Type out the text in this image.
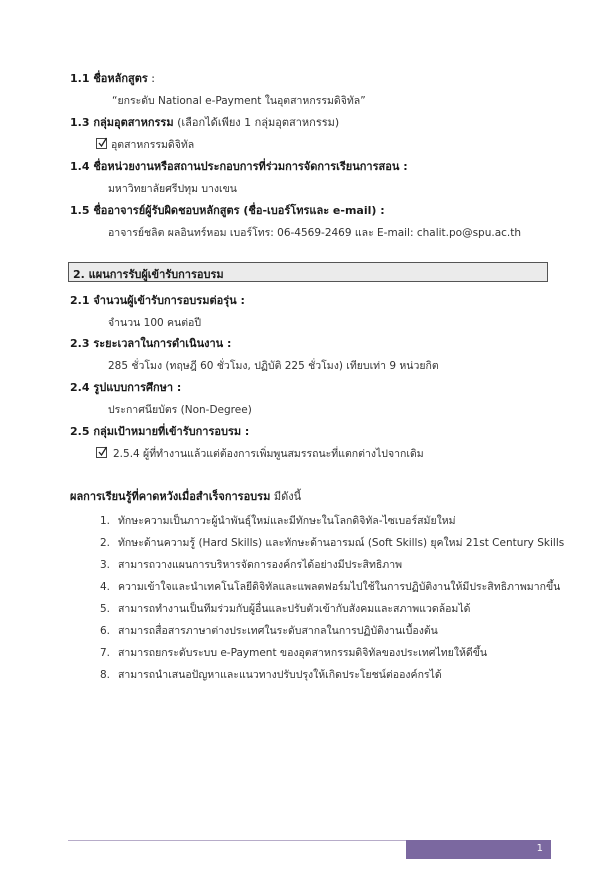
1.1 ชื่อหลักสูตร :
“ยกระดับ National e-Payment ในอุตสาหกรรมดิจิทัล”
1.3 กลุ่มอุตสาหกรรม (เลือกได้เพียง 1 กลุ่มอุตสาหกรรม)
อุตสาหกรรมดิจิทัล
1.4 ชื่อหน่วยงานหรือสถานประกอบการที่ร่วมการจัดการเรียนการสอน :
มหาวิทยาลัยศรีปทุม บางเขน
1.5 ชื่ออาจารย์ผู้รับผิดชอบหลักสูตร (ชื่อ-เบอร์โทรและ e-mail) :
อาจารย์ชลิต ผลอินทร์หอม เบอร์โทร: 06-4569-2469 และ E-mail: chalit.po@spu.ac.th
2. แผนการรับผู้เข้ารับการอบรม
2.1 จำนวนผู้เข้ารับการอบรมต่อรุ่น :
จำนวน 100 คนต่อปี
2.3 ระยะเวลาในการดำเนินงาน :
285 ชั่วโมง (ทฤษฎี 60 ชั่วโมง, ปฏิบัติ 225 ชั่วโมง) เทียบเท่า 9 หน่วยกิต
2.4 รูปแบบการศึกษา :
ประกาศนียบัตร (Non-Degree)
2.5 กลุ่มเป้าหมายที่เข้ารับการอบรม :
2.5.4 ผู้ที่ทำงานแล้วแต่ต้องการเพิ่มพูนสมรรถนะที่แตกต่างไปจากเดิม
ผลการเรียนรู้ที่คาดหวังเมื่อสำเร็จการอบรม มีดังนี้
1. ทักษะความเป็นภาวะผู้นำพันธุ์ใหม่และมีทักษะในโลกดิจิทัล-ไซเบอร์สมัยใหม่
2. ทักษะด้านความรู้ (Hard Skills) และทักษะด้านอารมณ์ (Soft Skills) ยุคใหม่ 21st Century Skills
3. สามารถวางแผนการบริหารจัดการองค์กรได้อย่างมีประสิทธิภาพ
4. ความเข้าใจและนำเทคโนโลยีดิจิทัลและแพลตฟอร์มไปใช้ในการปฏิบัติงานให้มีประสิทธิภาพมากขึ้น
5. สามารถทำงานเป็นทีมร่วมกับผู้อื่นและปรับตัวเข้ากับสังคมและสภาพแวดล้อมได้
6. สามารถสื่อสารภาษาต่างประเทศในระดับสากลในการปฏิบัติงานเบื้องต้น
7. สามารถยกระดับระบบ e-Payment ของอุตสาหกรรมดิจิทัลของประเทศไทยให้ดีขึ้น
8. สามารถนำเสนอปัญหาและแนวทางปรับปรุงให้เกิดประโยชน์ต่อองค์กรได้
1
